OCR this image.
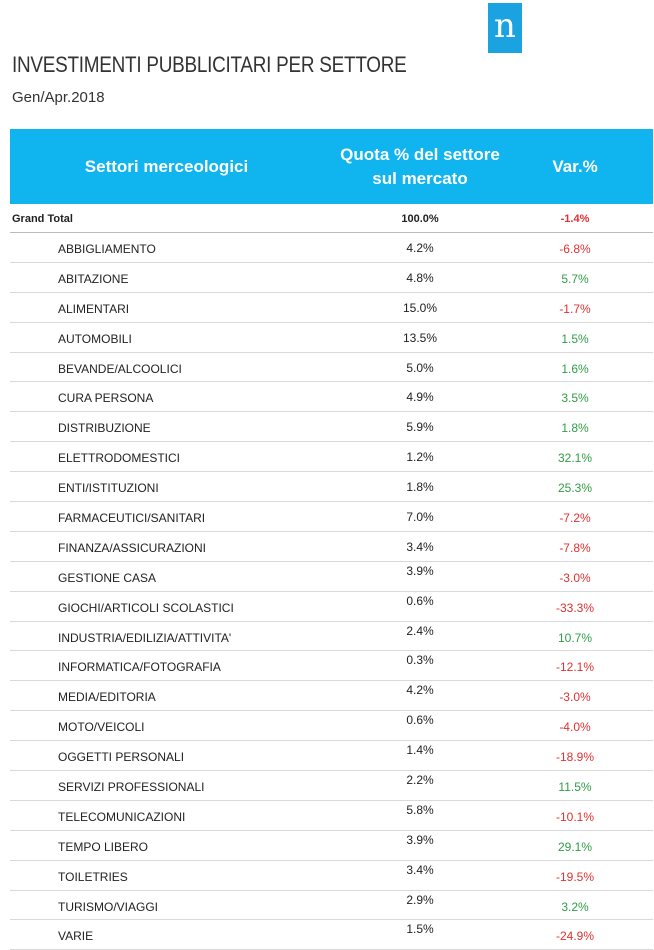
n
INVESTIMENTI PUBBLICITARI PER SETTORE
Gen/Apr.2018
Settori merceologici
Quota % del settore sul mercato
Var.%
Grand Total	100.0%	-1.4%
ABBIGLIAMENTO	4.2%	-6.8%
ABITAZIONE	4.8%	5.7%
ALIMENTARI	15.0%	-1.7%
AUTOMOBILI	13.5%	1.5%
BEVANDE/ALCOOLICI	5.0%	1.6%
CURA PERSONA	4.9%	3.5%
DISTRIBUZIONE	5.9%	1.8%
ELETTRODOMESTICI	1.2%	32.1%
ENTI/ISTITUZIONI	1.8%	25.3%
FARMACEUTICI/SANITARI	7.0%	-7.2%
FINANZA/ASSICURAZIONI	3.4%	-7.8%
GESTIONE CASA	3.9%	-3.0%
GIOCHI/ARTICOLI SCOLASTICI	0.6%	-33.3%
INDUSTRIA/EDILIZIA/ATTIVITA'	2.4%	10.7%
INFORMATICA/FOTOGRAFIA	0.3%	-12.1%
MEDIA/EDITORIA	4.2%	-3.0%
MOTO/VEICOLI	0.6%	-4.0%
OGGETTI PERSONALI	1.4%	-18.9%
SERVIZI PROFESSIONALI	2.2%	11.5%
TELECOMUNICAZIONI	5.8%	-10.1%
TEMPO LIBERO	3.9%	29.1%
TOILETRIES	3.4%	-19.5%
TURISMO/VIAGGI	2.9%	3.2%
VARIE	1.5%	-24.9%
